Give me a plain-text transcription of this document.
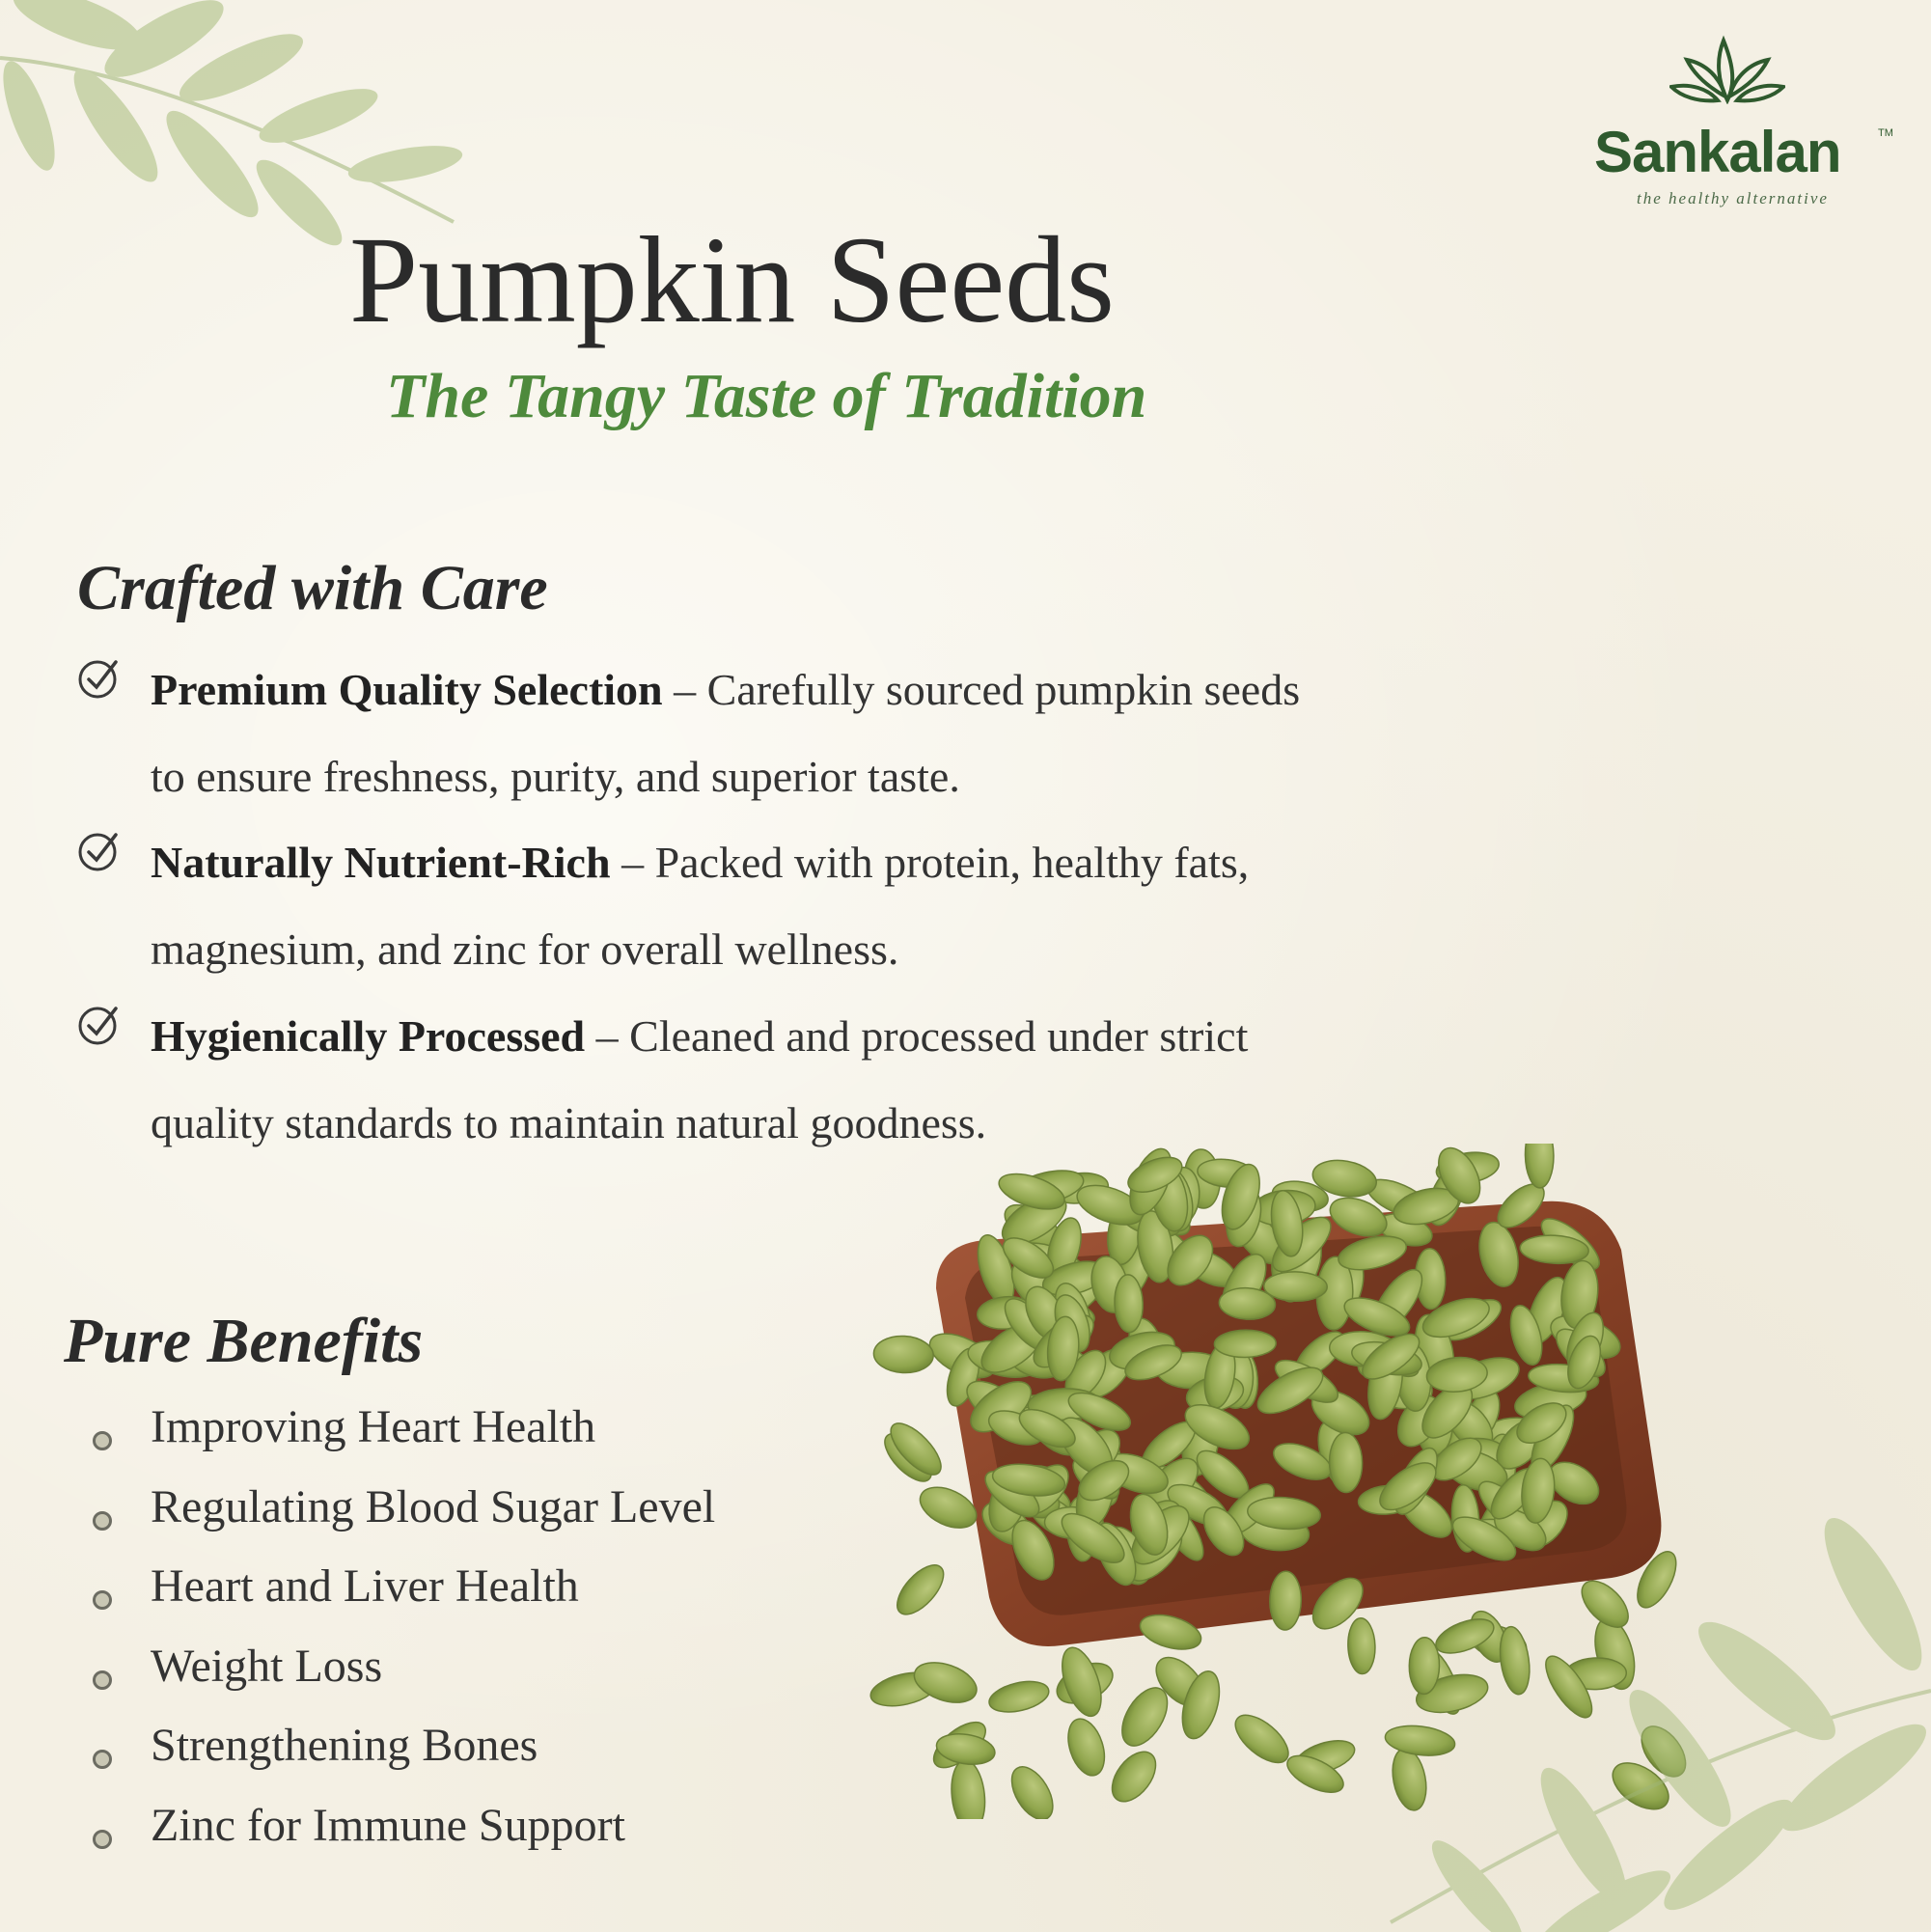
Sankalan	TM
the healthy alternative
Pumpkin Seeds
The Tangy Taste of Tradition
Crafted with Care

Premium Quality Selection – Carefully sourced pumpkin seeds
to ensure freshness, purity, and superior taste.

Naturally Nutrient-Rich – Packed with protein, healthy fats,
magnesium, and zinc for overall wellness.

Hygienically Processed – Cleaned and processed under strict
quality standards to maintain natural goodness.

Pure Benefits
Improving Heart Health
Regulating Blood Sugar Level
Heart and Liver Health
Weight Loss
Strengthening Bones
Zinc for Immune Support
